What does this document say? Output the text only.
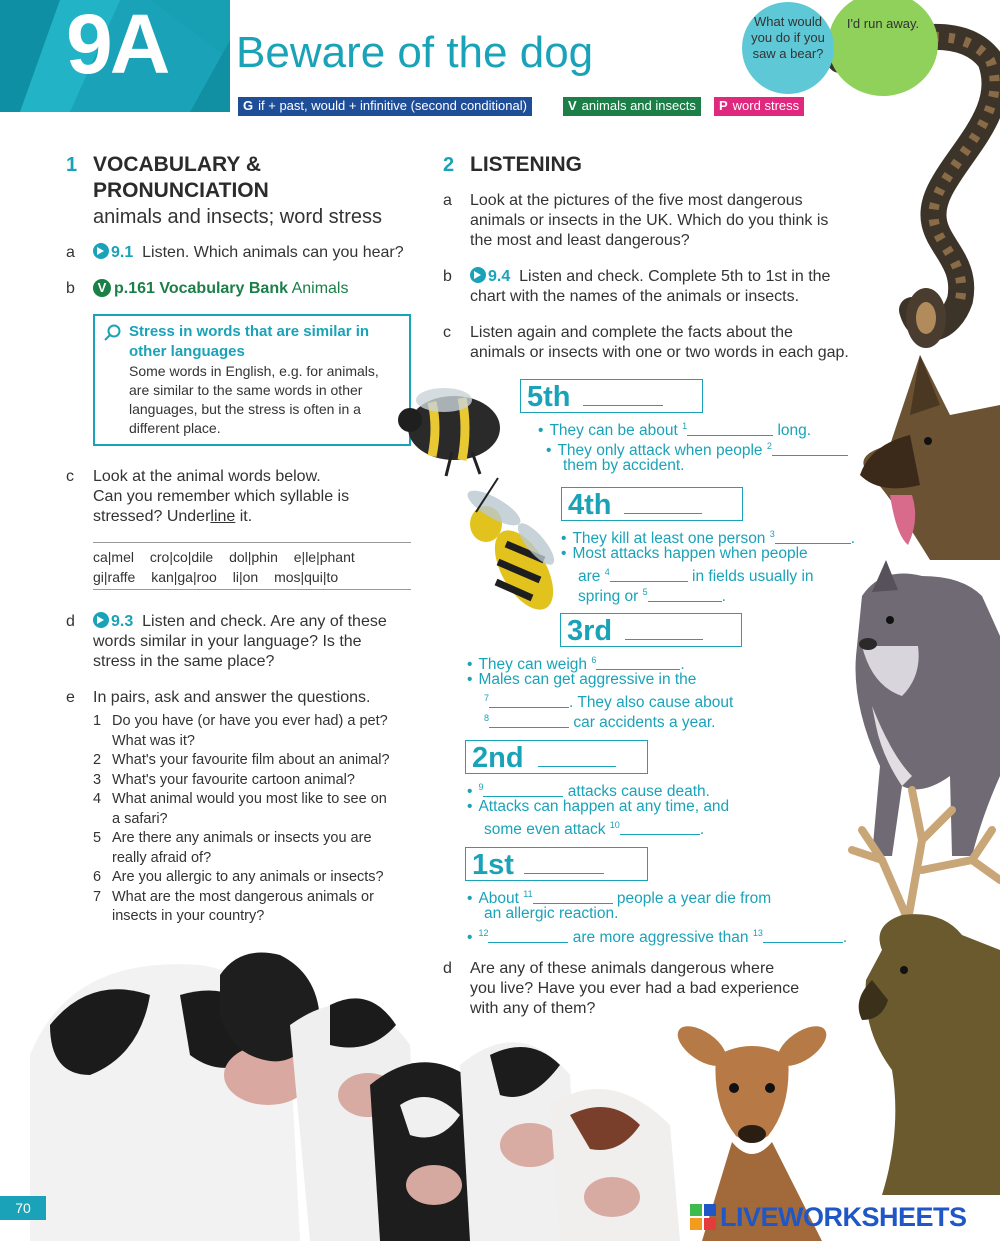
9A Beware of the dog
G if + past, would + infinitive (second conditional)	V animals and insects	P word stress
I'd run away.
What would you do if you saw a bear?
1 VOCABULARY &
PRONUNCIATION
animals and insects; word stress
a	9.1 Listen. Which animals can you hear?
b	V p.161 Vocabulary Bank Animals
Stress in words that are similar in other languages
Some words in English, e.g. for animals, are similar to the same words in other languages, but the stress is often in a different place.
c Look at the animal words below.
Can you remember which syllable is
stressed? Underline it.
ca|mel cro|co|dile dol|phin e|le|phant
gi|raffe kan|ga|roo li|on mos|qui|to
d	9.3 Listen and check. Are any of these
words similar in your language? Is the
stress in the same place?
e In pairs, ask and answer the questions.
1 Do you have (or have you ever had) a pet?
What was it?
2 What's your favourite film about an animal?
3 What's your favourite cartoon animal?
4 What animal would you most like to see on
a safari?
5 Are there any animals or insects you are
really afraid of?
6 Are you allergic to any animals or insects?
7 What are the most dangerous animals or
insects in your country?
2 LISTENING
a Look at the pictures of the five most dangerous
animals or insects in the UK. Which do you think is
the most and least dangerous?
b	9.4 Listen and check. Complete 5th to 1st in the
chart with the names of the animals or insects.
c Listen again and complete the facts about the
animals or insects with one or two words in each gap.
5th
• They can be about $^1$	long.
• They only attack when people $^2$
them by accident.
4th
• They kill at least one person $^3$	.
• Most attacks happen when people
are $^4$	in fields usually in
spring or $^5$	.
3rd
• They can weigh $^6$	.
• Males can get aggressive in the
$^7$	. They also cause about
$^8$	car accidents a year.
2nd
• $^9$	attacks cause death.
• Attacks can happen at any time, and
some even attack $^{10}$	.
1st
• About $^{11}$	people a year die from
an allergic reaction.
• $^{12}$	are more aggressive than $^{13}$	.
d Are any of these animals dangerous where
you live? Have you ever had a bad experience
with any of them?
70	LIVEWORKSHEETS
